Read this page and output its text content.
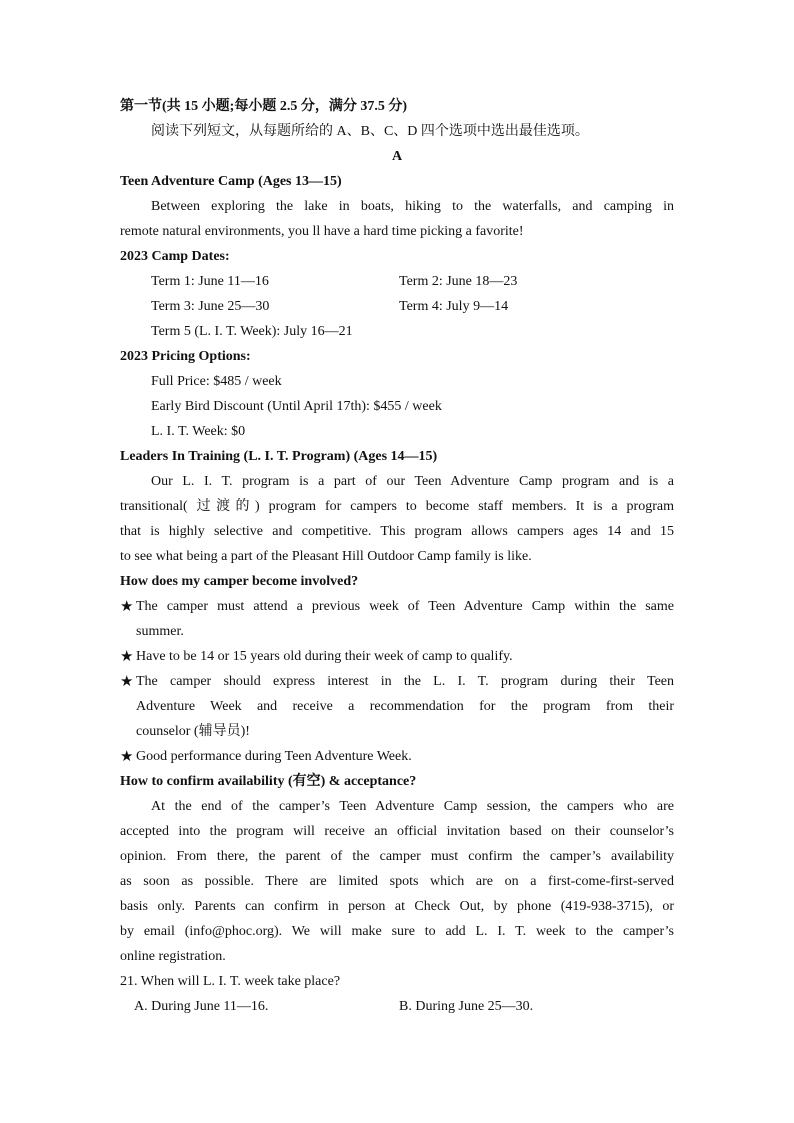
第一节(共 15 小题;每小题 2.5 分，满分 37.5 分)
阅读下列短文，从每题所给的 A、B、C、D 四个选项中选出最佳选项。
A
Teen Adventure Camp (Ages 13—15)
Between exploring the lake in boats, hiking to the waterfalls, and camping in
remote natural environments, you ll have a hard time picking a favorite!
2023 Camp Dates:
Term 1: June 11—16	Term 2: June 18—23
Term 3: June 25—30	Term 4: July 9—14
Term 5 (L. I. T. Week): July 16—21
2023 Pricing Options:
Full Price: $485 / week
Early Bird Discount (Until April 17th): $455 / week
L. I. T. Week: $0
Leaders In Training (L. I. T. Program) (Ages 14—15)
Our L. I. T. program is a part of our Teen Adventure Camp program and is a
transitional( 过渡的) program for campers to become staff members. It is a program
that is highly selective and competitive. This program allows campers ages 14 and 15
to see what being a part of the Pleasant Hill Outdoor Camp family is like.
How does my camper become involved?
★ The camper must attend a previous week of Teen Adventure Camp within the same
summer.
★ Have to be 14 or 15 years old during their week of camp to qualify.
★ The camper should express interest in the L. I. T. program during their Teen
Adventure Week and receive a recommendation for the program from their
counselor (辅导员)!
★ Good performance during Teen Adventure Week.
How to confirm availability (有空) & acceptance?
At the end of the camper’s Teen Adventure Camp session, the campers who are
accepted into the program will receive an official invitation based on their counselor’s
opinion. From there, the parent of the camper must confirm the camper’s availability
as soon as possible. There are limited spots which are on a first-come-first-served
basis only. Parents can confirm in person at Check Out, by phone (419-938-3715), or
by email (info@phoc.org). We will make sure to add L. I. T. week to the camper’s
online registration.
21. When will L. I. T. week take place?
A. During June 11—16.	B. During June 25—30.
